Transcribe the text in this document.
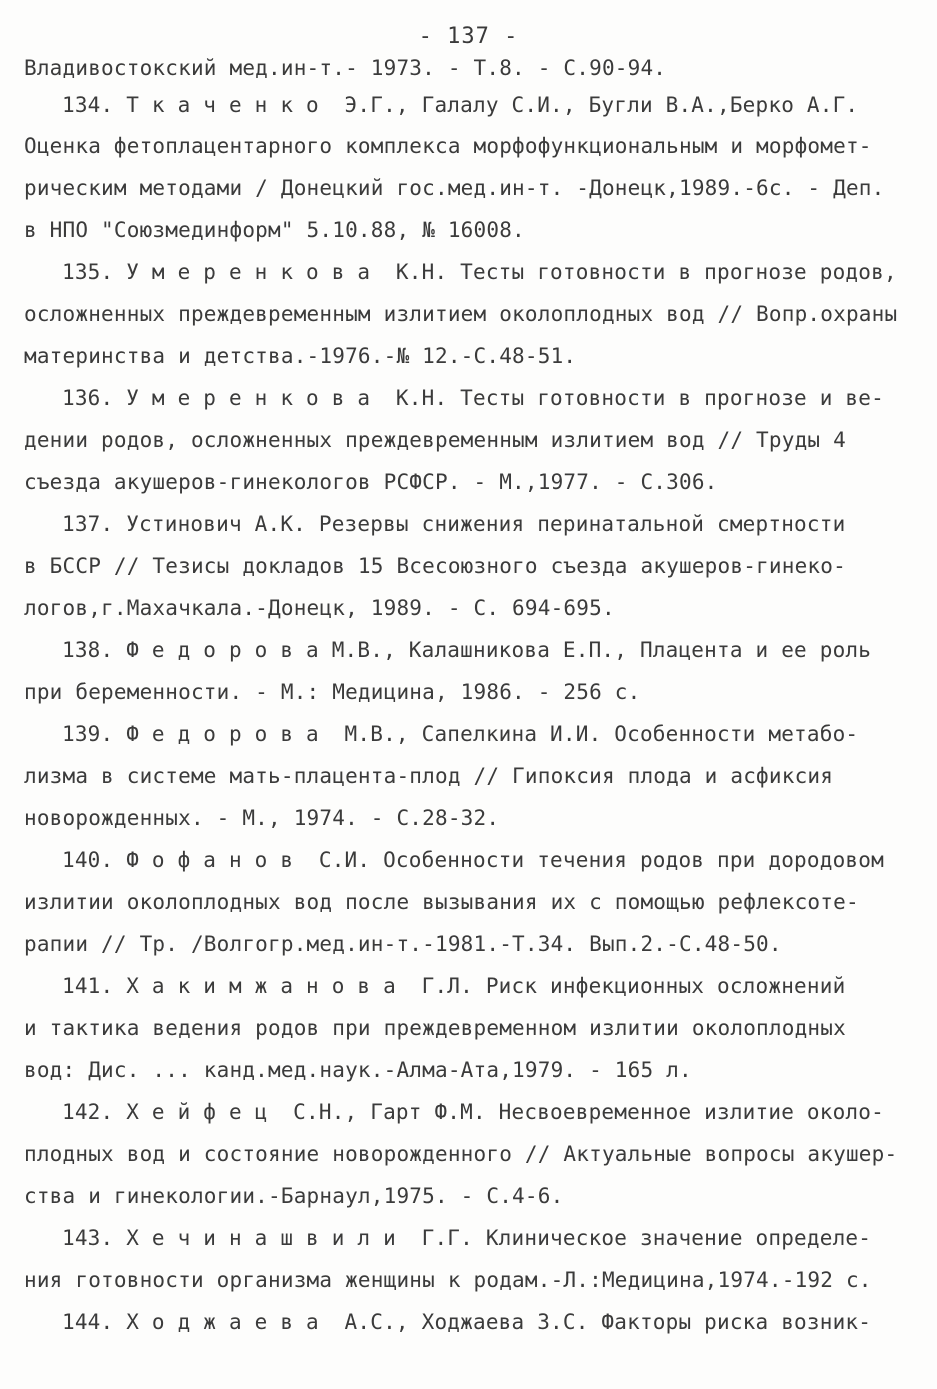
- 137 -
Владивостокский мед.ин-т.- 1973. - Т.8. - С.90-94.
134. Т к а ч е н к о  Э.Г., Галалу С.И., Бугли В.А.,Берко А.Г.
Оценка фетоплацентарного комплекса морфофункциональным и морфомет-
рическим методами / Донецкий гос.мед.ин-т. -Донецк,1989.-6с. - Деп.
в НПО "Союзмединформ" 5.10.88, № 16008.
135. У м е р е н к о в а  К.Н. Тесты готовности в прогнозе родов,
осложненных преждевременным излитием околоплодных вод // Вопр.охраны
материнства и детства.-1976.-№ 12.-С.48-51.
136. У м е р е н к о в а  К.Н. Тесты готовности в прогнозе и ве-
дении родов, осложненных преждевременным излитием вод // Труды 4
съезда акушеров-гинекологов РСФСР. - М.,1977. - С.306.
137. Устинович А.К. Резервы снижения перинатальной смертности
в БССР // Тезисы докладов 15 Всесоюзного съезда акушеров-гинеко-
логов,г.Махачкала.-Донецк, 1989. - С. 694-695.
138. Ф е д о р о в а М.В., Калашникова Е.П., Плацента и ее роль
при беременности. - М.: Медицина, 1986. - 256 с.
139. Ф е д о р о в а  М.В., Сапелкина И.И. Особенности метабо-
лизма в системе мать-плацента-плод // Гипоксия плода и асфиксия
новорожденных. - М., 1974. - С.28-32.
140. Ф о ф а н о в  С.И. Особенности течения родов при дородовом
излитии околоплодных вод после вызывания их с помощью рефлексоте-
рапии // Тр. /Волгогр.мед.ин-т.-1981.-Т.34. Вып.2.-С.48-50.
141. Х а к и м ж а н о в а  Г.Л. Риск инфекционных осложнений
и тактика ведения родов при преждевременном излитии околоплодных
вод: Дис. ... канд.мед.наук.-Алма-Ата,1979. - 165 л.
142. Х е й ф е ц  С.Н., Гарт Ф.М. Несвоевременное излитие около-
плодных вод и состояние новорожденного // Актуальные вопросы акушер-
ства и гинекологии.-Барнаул,1975. - С.4-6.
143. Х е ч и н а ш в и л и  Г.Г. Клиническое значение определе-
ния готовности организма женщины к родам.-Л.:Медицина,1974.-192 с.
144. Х о д ж а е в а  А.С., Ходжаева З.С. Факторы риска возник-
